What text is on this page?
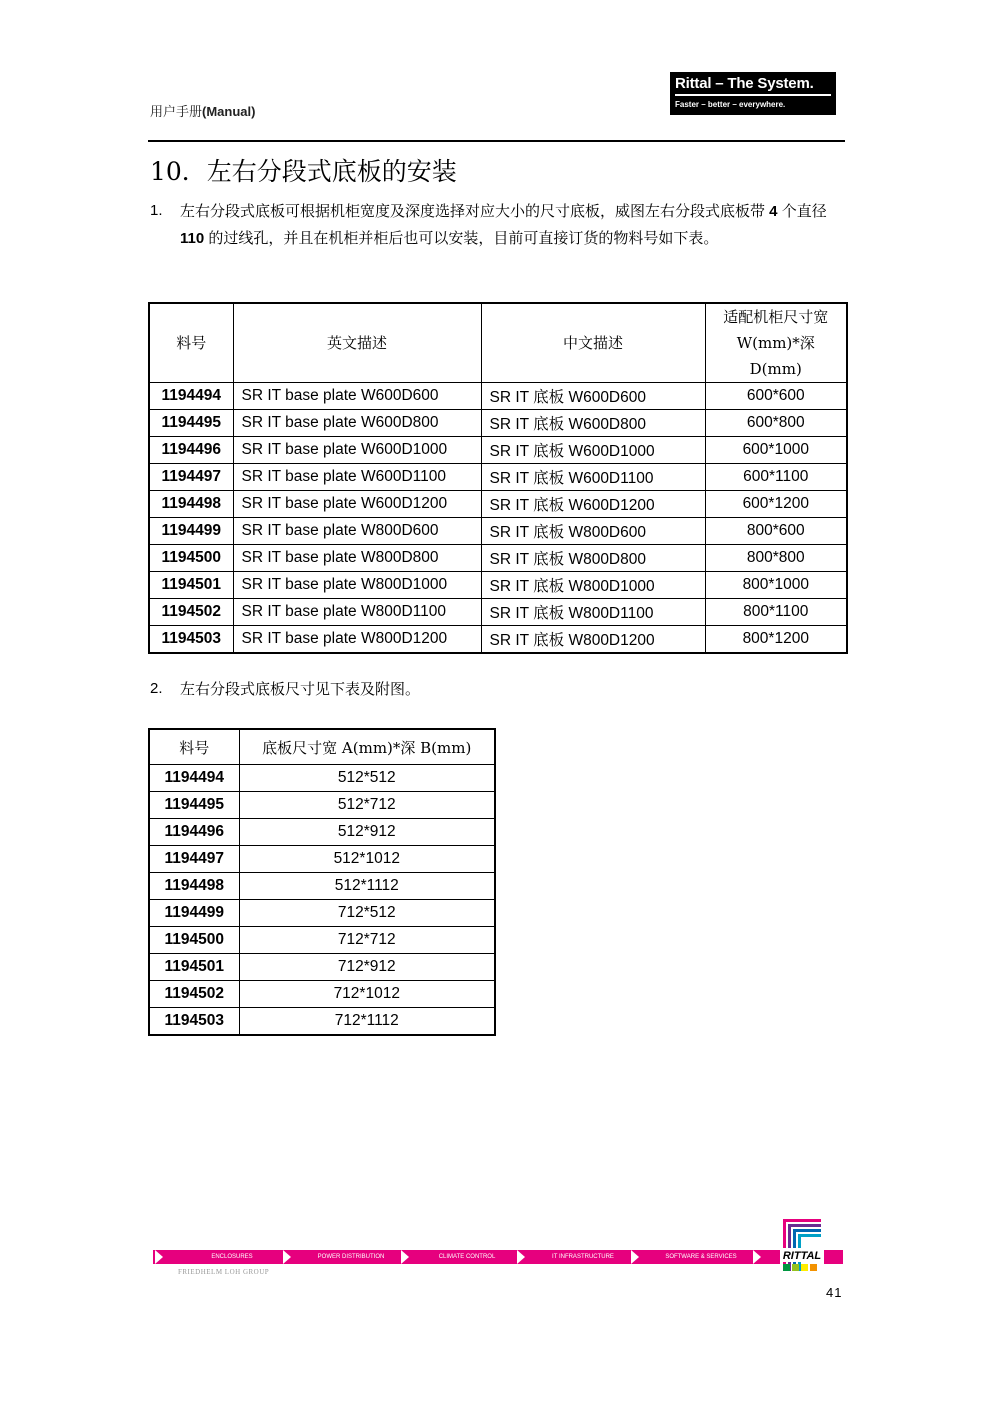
用户手册(Manual)
Rittal – The System.
Faster – better – everywhere.
10．左右分段式底板的安装
1. 左右分段式底板可根据机柜宽度及深度选择对应大小的尺寸底板，威图左右分段式底板带 4 个直径 110 的过线孔，并且在机柜并柜后也可以安装，目前可直接订货的物料号如下表。
料号	英文描述	中文描述	适配机柜尺寸宽 W(mm)*深 D(mm)
1194494	SR IT base plate W600D600	SR IT 底板 W600D600	600*600
1194495	SR IT base plate W600D800	SR IT 底板 W600D800	600*800
1194496	SR IT base plate W600D1000	SR IT 底板 W600D1000	600*1000
1194497	SR IT base plate W600D1100	SR IT 底板 W600D1100	600*1100
1194498	SR IT base plate W600D1200	SR IT 底板 W600D1200	600*1200
1194499	SR IT base plate W800D600	SR IT 底板 W800D600	800*600
1194500	SR IT base plate W800D800	SR IT 底板 W800D800	800*800
1194501	SR IT base plate W800D1000	SR IT 底板 W800D1000	800*1000
1194502	SR IT base plate W800D1100	SR IT 底板 W800D1100	800*1100
1194503	SR IT base plate W800D1200	SR IT 底板 W800D1200	800*1200
2. 左右分段式底板尺寸见下表及附图。
料号	底板尺寸宽 A(mm)*深 B(mm)
1194494	512*512
1194495	512*712
1194496	512*912
1194497	512*1012
1194498	512*1112
1194499	712*512
1194500	712*712
1194501	712*912
1194502	712*1012
1194503	712*1112
ENCLOSURES	POWER DISTRIBUTION	CLIMATE CONTROL	IT INFRASTRUCTURE	SOFTWARE & SERVICES
FRIEDHELM LOH GROUP
RITTAL
41
